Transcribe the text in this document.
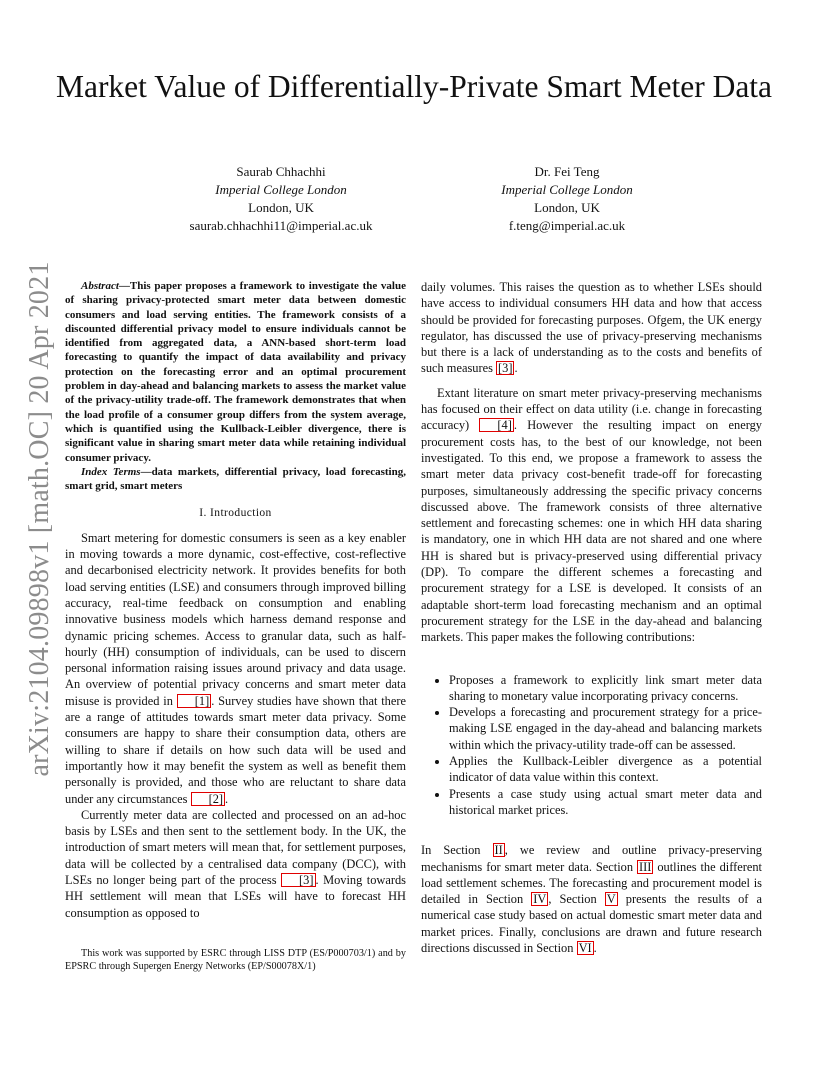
Market Value of Differentially-Private Smart Meter Data
Saurab Chhachhi
Imperial College London
London, UK
saurab.chhachhi11@imperial.ac.uk
Dr. Fei Teng
Imperial College London
London, UK
f.teng@imperial.ac.uk
arXiv:2104.09898v1 [math.OC] 20 Apr 2021	Abstract—This paper proposes a framework to investigate the value of sharing privacy-protected smart meter data between domestic consumers and load serving entities. The framework consists of a discounted differential privacy model to ensure individuals cannot be identified from aggregated data, a ANN-based short-term load forecasting to quantify the impact of data availability and privacy protection on the forecasting error and an optimal procurement problem in day-ahead and balancing markets to assess the market value of the privacy-utility trade-off. The framework demonstrates that when the load profile of a consumer group differs from the system average, which is quantified using the Kullback-Leibler divergence, there is significant value in sharing smart meter data while retaining individual consumer privacy.

Index Terms—data markets, differential privacy, load forecasting, smart grid, smart meters

I. Introduction

Smart metering for domestic consumers is seen as a key enabler in moving towards a more dynamic, cost-effective, cost-reflective and decarbonised electricity network. It provides benefits for both load serving entities (LSE) and consumers through improved billing accuracy, real-time feedback on consumption and enabling innovative business models which harness demand response and dynamic pricing schemes. Access to granular data, such as half-hourly (HH) consumption of individuals, can be used to discern personal information raising issues around privacy and data usage. An overview of potential privacy concerns and smart meter data misuse is provided in [1] . Survey studies have shown that there are a range of attitudes towards smart meter data privacy. Some consumers are happy to share their consumption data, others are willing to share if details on how such data will be used and importantly how it may benefit the system as well as benefit them personally is provided, and those who are reluctant to share data under any circumstances [2] .

Currently meter data are collected and processed on an ad-hoc basis by LSEs and then sent to the settlement body. In the UK, the introduction of smart meters will mean that, for settlement purposes, data will be collected by a centralised data company (DCC), with LSEs no longer being part of the process [3] . Moving towards HH settlement will mean that LSEs will have to forecast HH consumption as opposed to

This work was supported by ESRC through LISS DTP (ES/P000703/1) and by EPSRC through Supergen Energy Networks (EP/S00078X/1)

daily volumes. This raises the question as to whether LSEs should have access to individual consumers HH data and how that access should be provided for forecasting purposes. Ofgem, the UK energy regulator, has discussed the use of privacy-preserving mechanisms but there is a lack of understanding as to the costs and benefits of such measures [3] .

Extant literature on smart meter privacy-preserving mechanisms has focused on their effect on data utility (i.e. change in forecasting accuracy) [4] . However the resulting impact on energy procurement costs has, to the best of our knowledge, not been investigated. To this end, we propose a framework to assess the smart meter data privacy cost-benefit trade-off for forecasting purposes, simultaneously addressing the specific privacy concerns discussed above. The framework consists of three alternative settlement and forecasting schemes: one in which HH data sharing is mandatory, one in which HH data are not shared and one where HH is shared but is privacy-preserved using differential privacy (DP). To compare the different schemes a forecasting and procurement strategy for a LSE is developed. It consists of an adaptable short-term load forecasting mechanism and an optimal procurement strategy for the LSE in the day-ahead and balancing markets. This paper makes the following contributions:

• Proposes a framework to explicitly link smart meter data sharing to monetary value incorporating privacy concerns.
• Develops a forecasting and procurement strategy for a price-making LSE engaged in the day-ahead and balancing markets within which the privacy-utility trade-off can be assessed.
• Applies the Kullback-Leibler divergence as a potential indicator of data value within this context.
• Presents a case study using actual smart meter data and historical market prices.

In Section II , we review and outline privacy-preserving mechanisms for smart meter data. Section III outlines the different load settlement schemes. The forecasting and procurement model is detailed in Section IV , Section V presents the results of a numerical case study based on actual domestic smart meter data and market prices. Finally, conclusions are drawn and future research directions discussed in Section VI .
